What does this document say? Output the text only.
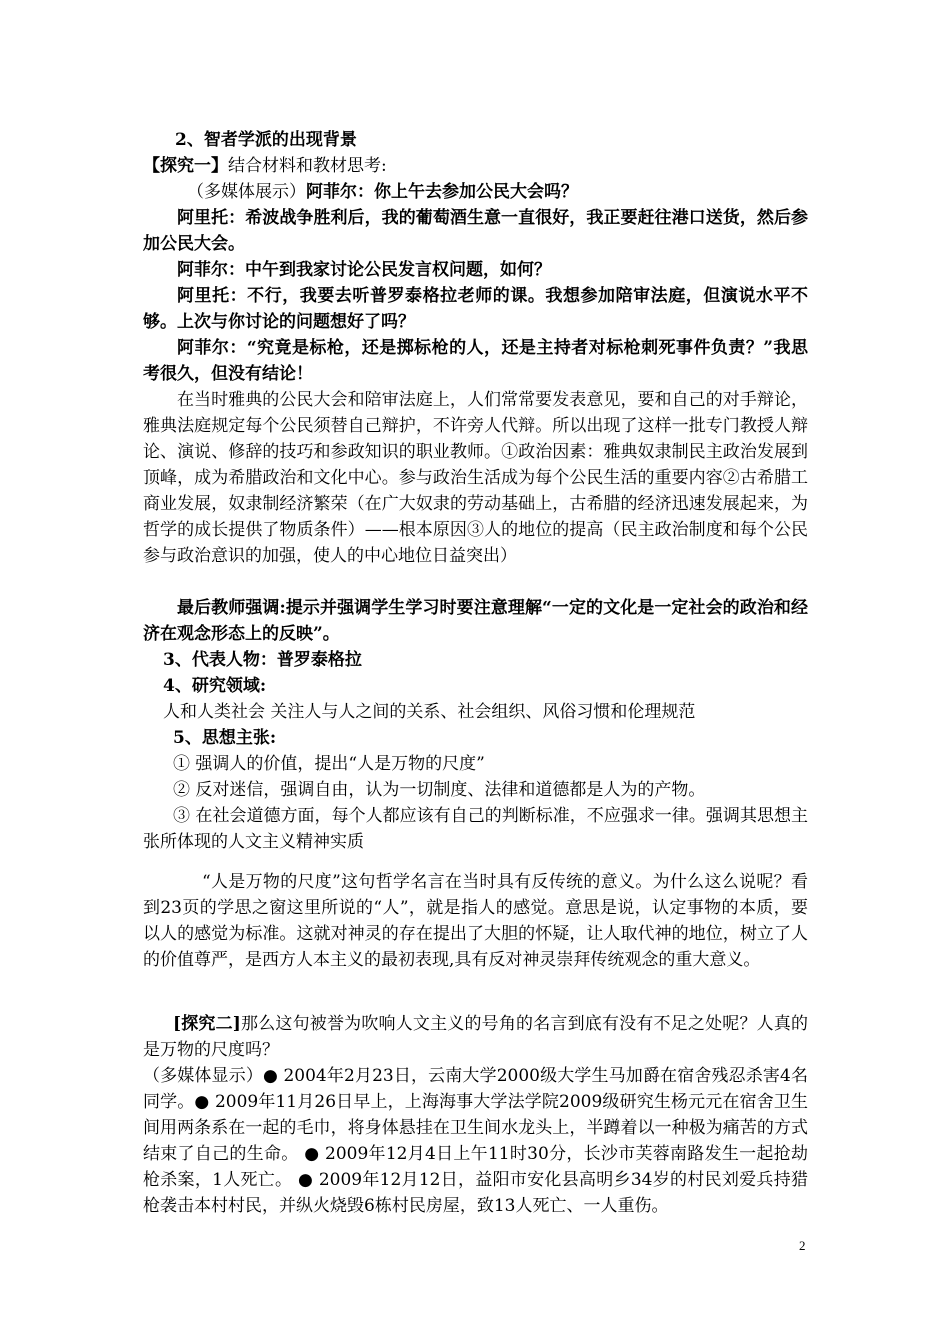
2、智者学派的出现背景
【探究一】结合材料和教材思考:
（多媒体展示）阿菲尔：你上午去参加公民大会吗？

阿里托：希波战争胜利后，我的葡萄酒生意一直很好，我正要赶往港口送货，然后参加公民大会。

阿菲尔：中午到我家讨论公民发言权问题，如何？

阿里托：不行，我要去听普罗泰格拉老师的课。我想参加陪审法庭，但演说水平不够。上次与你讨论的问题想好了吗？

阿菲尔：“究竟是标枪，还是掷标枪的人，还是主持者对标枪刺死事件负责？”我思考很久，但没有结论！

在当时雅典的公民大会和陪审法庭上，人们常常要发表意见，要和自己的对手辩论，雅典法庭规定每个公民须替自己辩护，不许旁人代辩。所以出现了这样一批专门教授人辩论、演说、修辞的技巧和参政知识的职业教师。①政治因素：雅典奴隶制民主政治发展到顶峰，成为希腊政治和文化中心。参与政治生活成为每个公民生活的重要内容②古希腊工商业发展，奴隶制经济繁荣（在广大奴隶的劳动基础上，古希腊的经济迅速发展起来，为哲学的成长提供了物质条件）——根本原因③人的地位的提高（民主政治制度和每个公民参与政治意识的加强，使人的中心地位日益突出）

最后教师强调:提示并强调学生学习时要注意理解“一定的文化是一定社会的政治和经济在观念形态上的反映”。

3、代表人物：普罗泰格拉
4、研究领域:
人和人类社会 关注人与人之间的关系、社会组织、风俗习惯和伦理规范
5、思想主张:
① 强调人的价值，提出“人是万物的尺度”
② 反对迷信，强调自由，认为一切制度、法律和道德都是人为的产物。

③ 在社会道德方面，每个人都应该有自己的判断标准，不应强求一律。强调其思想主张所体现的人文主义精神实质

“人是万物的尺度”这句哲学名言在当时具有反传统的意义。为什么这么说呢？看到23页的学思之窗这里所说的“人”，就是指人的感觉。意思是说，认定事物的本质，要以人的感觉为标准。这就对神灵的存在提出了大胆的怀疑，让人取代神的地位，树立了人的价值尊严，是西方人本主义的最初表现,具有反对神灵崇拜传统观念的重大意义。

[探究二]那么这句被誉为吹响人文主义的号角的名言到底有没有不足之处呢？人真的是万物的尺度吗？

（多媒体显示）● 2004年2月23日，云南大学2000级大学生马加爵在宿舍残忍杀害4名同学。● 2009年11月26日早上，上海海事大学法学院2009级研究生杨元元在宿舍卫生间用两条系在一起的毛巾，将身体悬挂在卫生间水龙头上，半蹲着以一种极为痛苦的方式结束了自己的生命。 ● 2009年12月4日上午11时30分，长沙市芙蓉南路发生一起抢劫枪杀案，1人死亡。 ● 2009年12月12日，益阳市安化县高明乡34岁的村民刘爱兵持猎枪袭击本村村民，并纵火烧毁6栋村民房屋，致13人死亡、一人重伤。

2
